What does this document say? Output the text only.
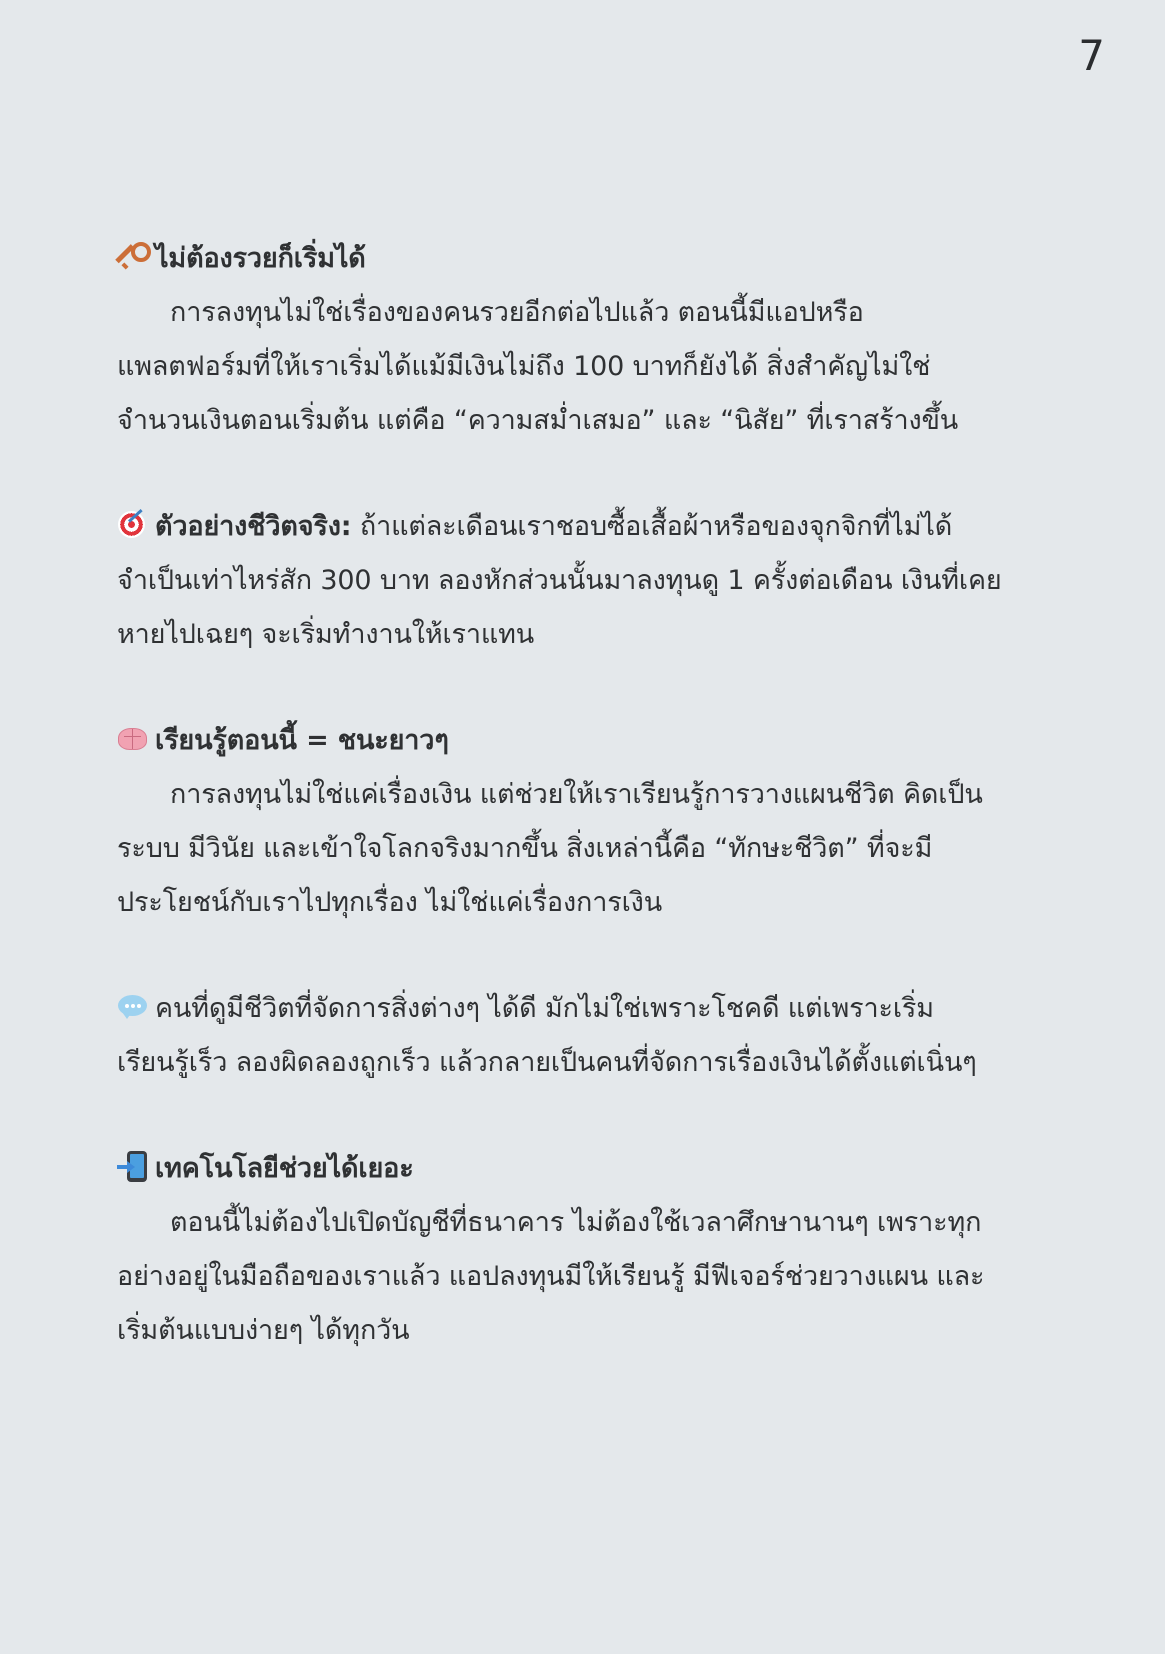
7
ไม่ต้องรวยก็เริ่มได้
การลงทุนไม่ใช่เรื่องของคนรวยอีกต่อไปแล้ว ตอนนี้มีแอปหรือ
แพลตฟอร์มที่ให้เราเริ่มได้แม้มีเงินไม่ถึง 100 บาทก็ยังได้ สิ่งสำคัญไม่ใช่
จำนวนเงินตอนเริ่มต้น แต่คือ “ความสม่ำเสมอ” และ “นิสัย” ที่เราสร้างขึ้น
ตัวอย่างชีวิตจริง: ถ้าแต่ละเดือนเราชอบซื้อเสื้อผ้าหรือของจุกจิกที่ไม่ได้
จำเป็นเท่าไหร่สัก 300 บาท ลองหักส่วนนั้นมาลงทุนดู 1 ครั้งต่อเดือน เงินที่เคย
หายไปเฉยๆ จะเริ่มทำงานให้เราแทน
เรียนรู้ตอนนี้ = ชนะยาวๆ
การลงทุนไม่ใช่แค่เรื่องเงิน แต่ช่วยให้เราเรียนรู้การวางแผนชีวิต คิดเป็น
ระบบ มีวินัย และเข้าใจโลกจริงมากขึ้น สิ่งเหล่านี้คือ “ทักษะชีวิต” ที่จะมี
ประโยชน์กับเราไปทุกเรื่อง ไม่ใช่แค่เรื่องการเงิน
คนที่ดูมีชีวิตที่จัดการสิ่งต่างๆ ได้ดี มักไม่ใช่เพราะโชคดี แต่เพราะเริ่ม
เรียนรู้เร็ว ลองผิดลองถูกเร็ว แล้วกลายเป็นคนที่จัดการเรื่องเงินได้ตั้งแต่เนิ่นๆ
เทคโนโลยีช่วยได้เยอะ
ตอนนี้ไม่ต้องไปเปิดบัญชีที่ธนาคาร ไม่ต้องใช้เวลาศึกษานานๆ เพราะทุก
อย่างอยู่ในมือถือของเราแล้ว แอปลงทุนมีให้เรียนรู้ มีฟีเจอร์ช่วยวางแผน และ
เริ่มต้นแบบง่ายๆ ได้ทุกวัน
